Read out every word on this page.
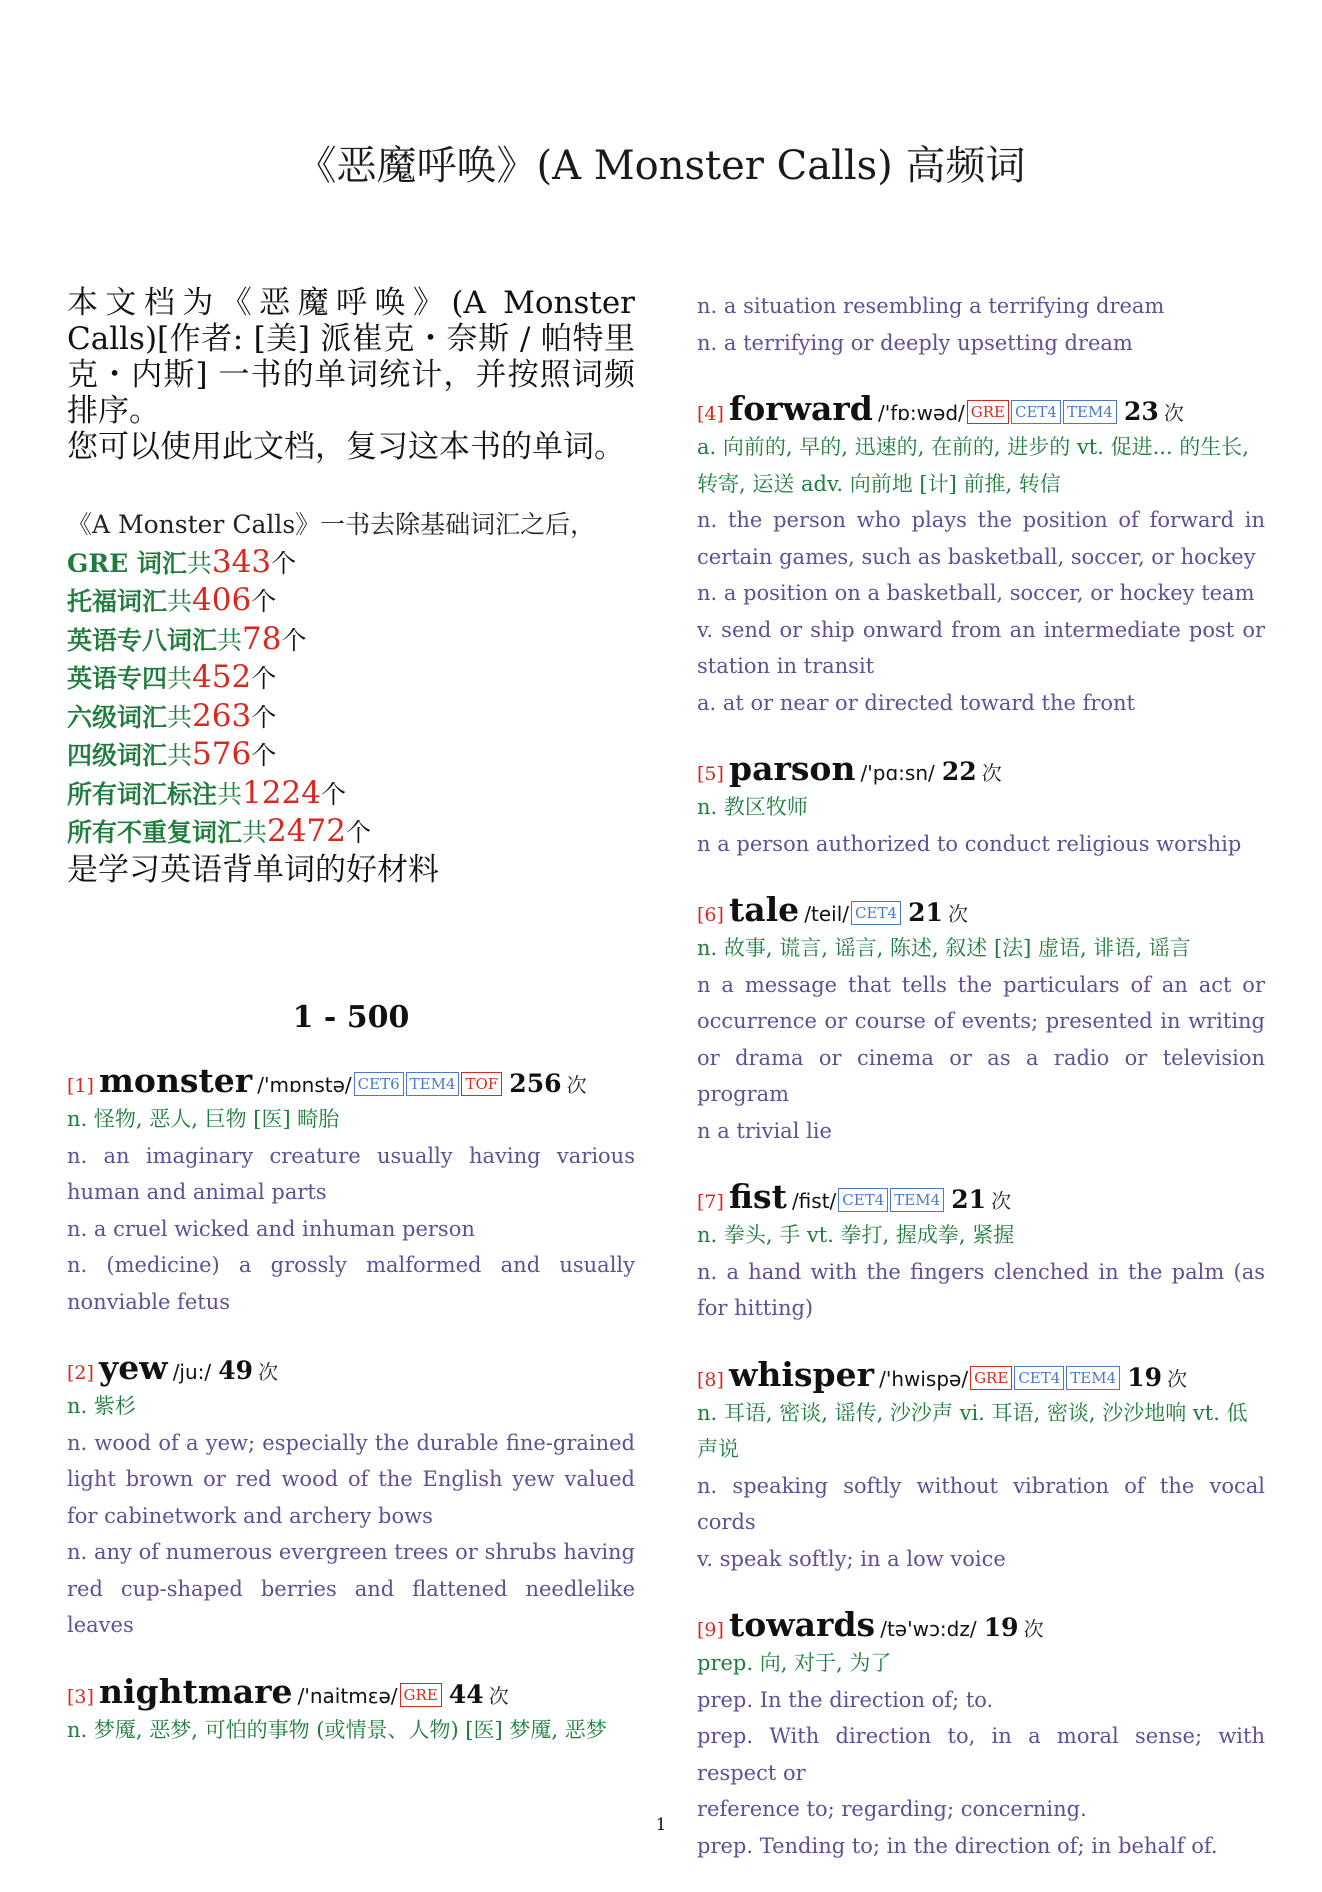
《恶魔呼唤》(A Monster Calls) 高频词

本文档为《恶魔呼唤》(A Monster Calls)[作者: [美] 派崔克・奈斯 / 帕特里克・内斯] 一书的单词统计，并按照词频排序。

您可以使用此文档，复习这本书的单词。

《A Monster Calls》一书去除基础词汇之后，
GRE 词汇共343个
托福词汇共406个
英语专八词汇共78个
英语专四共452个
六级词汇共263个
四级词汇共576个
所有词汇标注共1224个
所有不重复词汇共2472个
是学习英语背单词的好材料
1 - 500
[1] monster /'mɒnstə/ CET6 TEM4 TOF 256 次

n. 怪物, 恶人, 巨物 [医] 畸胎

n. an imaginary creature usually having various human and animal parts

n. a cruel wicked and inhuman person

n. (medicine) a grossly malformed and usually nonviable fetus

[2] yew /ju:/ 49 次

n. 紫杉

n. wood of a yew; especially the durable fine-grained light brown or red wood of the English yew valued for cabinetwork and archery bows

n. any of numerous evergreen trees or shrubs having red cup-shaped berries and flattened needlelike leaves

[3] nightmare /'naitmεə/ GRE 44 次

n. 梦魇, 恶梦, 可怕的事物 (或情景、人物) [医] 梦魇, 恶梦

n. a situation resembling a terrifying dream

n. a terrifying or deeply upsetting dream

[4] forward /'fɒ:wəd/ GRE CET4 TEM4 23 次

a. 向前的, 早的, 迅速的, 在前的, 进步的 vt. 促进... 的生长, 转寄, 运送 adv. 向前地 [计] 前推, 转信

n. the person who plays the position of forward in certain games, such as basketball, soccer, or hockey

n. a position on a basketball, soccer, or hockey team

v. send or ship onward from an intermediate post or station in transit

a. at or near or directed toward the front

[5] parson /'pɑ:sn/ 22 次

n. 教区牧师

n a person authorized to conduct religious worship

[6] tale /teil/ CET4 21 次

n. 故事, 谎言, 谣言, 陈述, 叙述 [法] 虚语, 诽语, 谣言

n a message that tells the particulars of an act or occurrence or course of events; presented in writing or drama or cinema or as a radio or television program

n a trivial lie

[7] fist /fist/ CET4 TEM4 21 次

n. 拳头, 手 vt. 拳打, 握成拳, 紧握

n. a hand with the fingers clenched in the palm (as for hitting)

[8] whisper /'hwispə/ GRE CET4 TEM4 19 次

n. 耳语, 密谈, 谣传, 沙沙声 vi. 耳语, 密谈, 沙沙地响 vt. 低声说

n. speaking softly without vibration of the vocal cords

v. speak softly; in a low voice

[9] towards /tə'wɔ:dz/ 19 次

prep. 向, 对于, 为了

prep. In the direction of; to.

prep. With direction to, in a moral sense; with respect or

reference to; regarding; concerning.

prep. Tending to; in the direction of; in behalf of.

1
